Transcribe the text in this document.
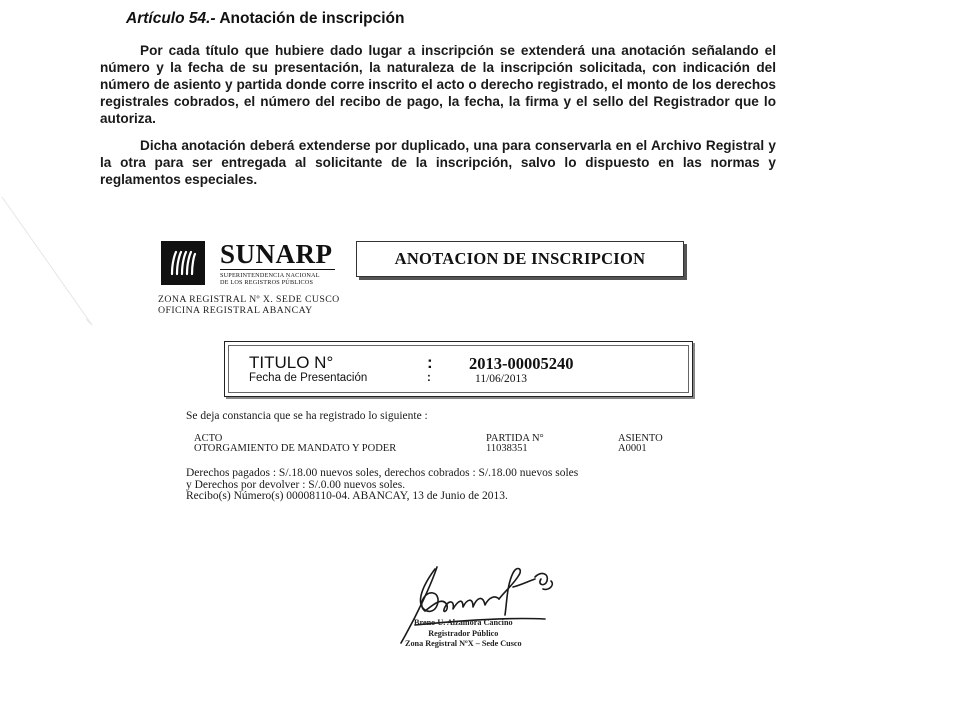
Artículo 54.- Anotación de inscripción

Por cada título que hubiere dado lugar a inscripción se extenderá una anotación señalando el número y la fecha de su presentación, la naturaleza de la inscripción solicitada, con indicación del número de asiento y partida donde corre inscrito el acto o derecho registrado, el monto de los derechos registrales cobrados, el número del recibo de pago, la fecha, la firma y el sello del Registrador que lo autoriza.

Dicha anotación deberá extenderse por duplicado, una para conservarla en el Archivo Registral y la otra para ser entregada al solicitante de la inscripción, salvo lo dispuesto en las normas y reglamentos especiales.

SUNARP
SUPERINTENDENCIA NACIONAL
DE LOS REGISTROS PÚBLICOS
ANOTACION DE INSCRIPCION
ZONA REGISTRAL Nº X. SEDE CUSCO
OFICINA REGISTRAL ABANCAY
TITULO N°	: 2013-00005240
Fecha de Presentación	:	11/06/2013
Se deja constancia que se ha registrado lo siguiente :
ACTO	PARTIDA N°	ASIENTO
OTORGAMIENTO DE MANDATO Y PODER	11038351	A0001
Derechos pagados : S/.18.00 nuevos soles, derechos cobrados : S/.18.00 nuevos soles
y Derechos por devolver : S/.0.00 nuevos soles.
Recibo(s) Número(s) 00008110-04. ABANCAY, 13 de Junio de 2013.
Breno U. Alzamora Cancino
Registrador Público
Zona Registral NºX – Sede Cusco
